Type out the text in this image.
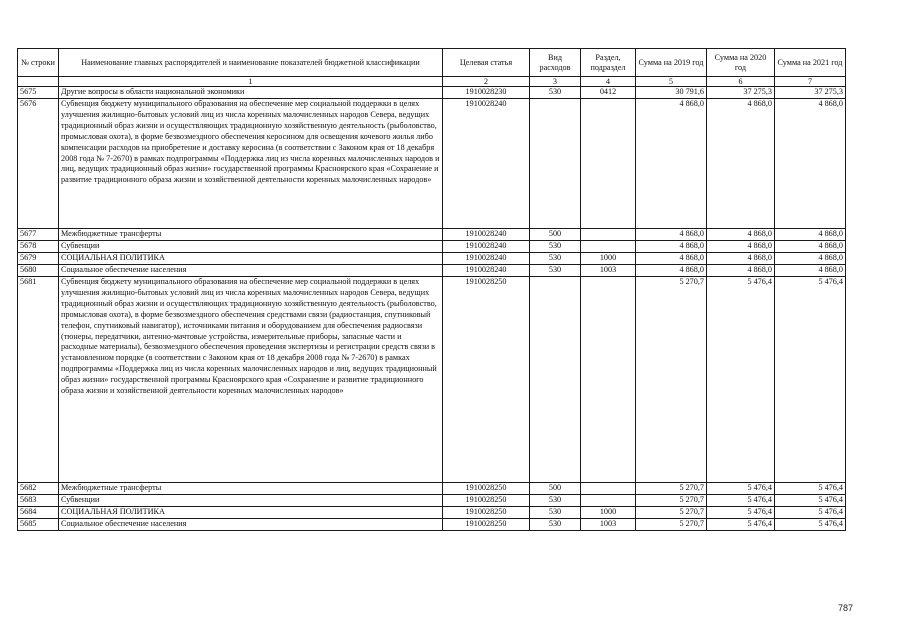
№ строки	Наименование главных распорядителей и наименование показателей бюджетной классификации	Целевая статья	Вид расходов	Раздел, подраздел	Сумма на 2019 год	Сумма на 2020 год	Сумма на 2021 год
	1	2	3	4	5	6	7
5675	Другие вопросы в области национальной экономики	1910028230	530	0412	30 791,6	37 275,3	37 275,3
5676	Субвенция бюджету муниципального образования на обеспечение мер социальной поддержки в целях улучшения жилищно-бытовых условий лиц из числа коренных малочисленных народов Севера, ведущих традиционный образ жизни и осуществляющих традиционную хозяйственную деятельность (рыболовство, промысловая охота), в форме безвозмездного обеспечения керосином для освещения кочевого жилья либо компенсации расходов на приобретение и доставку керосина (в соответствии с Законом края от 18 декабря 2008 года № 7-2670) в рамках подпрограммы «Поддержка лиц из числа коренных малочисленных народов и лиц, ведущих традиционный образ жизни» государственной программы Красноярского края «Сохранение и развитие традиционного образа жизни и хозяйственной деятельности коренных малочисленных народов»	1910028240			4 868,0	4 868,0	4 868,0
5677	Межбюджетные трансферты	1910028240	500		4 868,0	4 868,0	4 868,0
5678	Субвенции	1910028240	530		4 868,0	4 868,0	4 868,0
5679	СОЦИАЛЬНАЯ ПОЛИТИКА	1910028240	530	1000	4 868,0	4 868,0	4 868,0
5680	Социальное обеспечение населения	1910028240	530	1003	4 868,0	4 868,0	4 868,0
5681	Субвенция бюджету муниципального образования на обеспечение мер социальной поддержки в целях улучшения жилищно-бытовых условий лиц из числа коренных малочисленных народов Севера, ведущих традиционный образ жизни и осуществляющих традиционную хозяйственную деятельность (рыболовство, промысловая охота), в форме безвозмездного обеспечения средствами связи (радиостанция, спутниковый телефон, спутниковый навигатор), источниками питания и оборудованием для обеспечения радиосвязи (тюнеры, передатчики, антенно-мачтовые устройства, измерительные приборы, запасные части и расходные материалы), безвозмездного обеспечения проведения экспертизы и регистрации средств связи в установленном порядке (в соответствии с Законом края от 18 декабря 2008 года № 7-2670) в рамках подпрограммы «Поддержка лиц из числа коренных малочисленных народов и лиц, ведущих традиционный образ жизни» государственной программы Красноярского края «Сохранение и развитие традиционного образа жизни и хозяйственной деятельности коренных малочисленных народов»	1910028250			5 270,7	5 476,4	5 476,4
5682	Межбюджетные трансферты	1910028250	500		5 270,7	5 476,4	5 476,4
5683	Субвенции	1910028250	530		5 270,7	5 476,4	5 476,4
5684	СОЦИАЛЬНАЯ ПОЛИТИКА	1910028250	530	1000	5 270,7	5 476,4	5 476,4
5685	Социальное обеспечение населения	1910028250	530	1003	5 270,7	5 476,4	5 476,4
787
